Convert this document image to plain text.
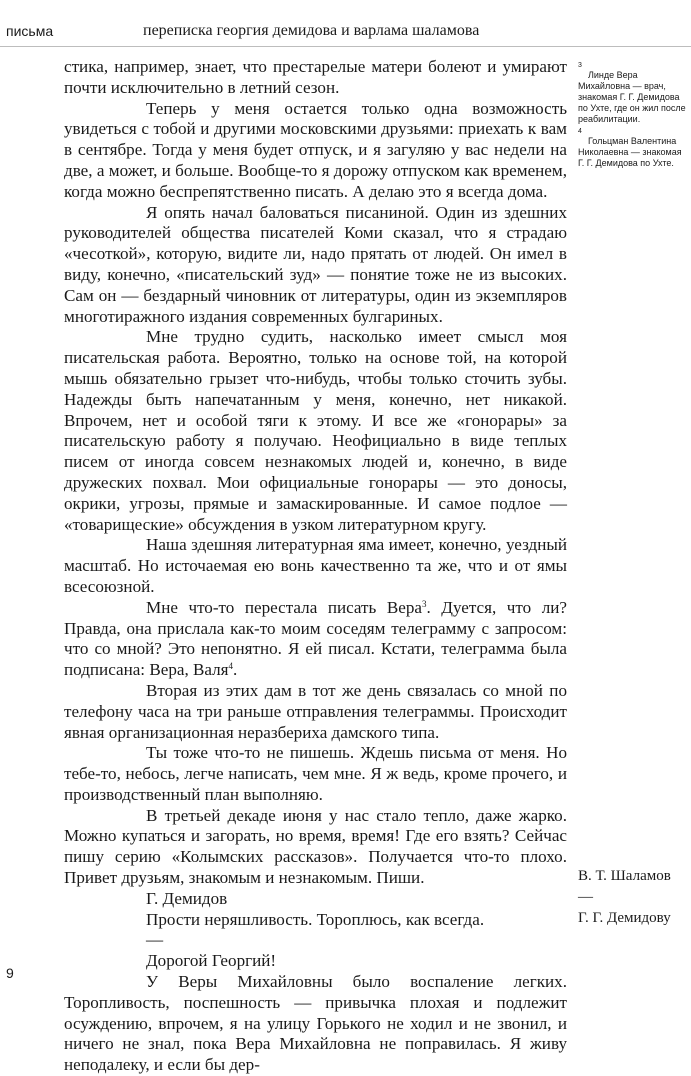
письма	переписка георгия демидова и варлама шаламова

стика, например, знает, что престарелые матери болеют и умирают почти исключительно в летний сезон.

Теперь у меня остается только одна возможность увидеться с тобой и другими московскими друзьями: приехать к вам в сентябре. Тогда у меня будет отпуск, и я загуляю у вас недели на две, а может, и больше. Вообще-то я дорожу отпуском как временем, когда можно беспрепятственно писать. А делаю это я всегда дома.

Я опять начал баловаться писаниной. Один из здешних руководителей общества писателей Коми сказал, что я страдаю «чесоткой», которую, видите ли, надо прятать от людей. Он имел в виду, конечно, «писательский зуд» — понятие тоже не из высоких. Сам он — бездарный чиновник от литературы, один из экземпляров многотиражного издания современных булгариных.

Мне трудно судить, насколько имеет смысл моя писательская работа. Вероятно, только на основе той, на которой мышь обязательно грызет что-нибудь, чтобы только сточить зубы. Надежды быть напечатанным у меня, конечно, нет никакой. Впрочем, нет и особой тяги к этому. И все же «гонорары» за писательскую работу я получаю. Неофициально в виде теплых писем от иногда совсем незнакомых людей и, конечно, в виде дружеских похвал. Мои официальные гонорары — это доносы, окрики, угрозы, прямые и замаскированные. И самое подлое — «товарищеские» обсуждения в узком литературном кругу.

Наша здешняя литературная яма имеет, конечно, уездный масштаб. Но источаемая ею вонь качественно та же, что и от ямы всесоюзной.

Мне что-то перестала писать Вера$^3$. Дуется, что ли? Правда, она прислала как-то моим соседям телеграмму с запросом: что со мной? Это непонятно. Я ей писал. Кстати, телеграмма была подписана: Вера, Валя$^4$.

Вторая из этих дам в тот же день связалась со мной по телефону часа на три раньше отправления телеграммы. Происходит явная организационная неразбериха дамского типа.

Ты тоже что-то не пишешь. Ждешь письма от меня. Но тебе-то, небось, легче написать, чем мне. Я ж ведь, кроме прочего, и производственный план выполняю.

В третьей декаде июня у нас стало тепло, даже жарко. Можно купаться и загорать, но время, время! Где его взять? Сейчас пишу серию «Колымских рассказов». Получается что-то плохо. Привет друзьям, знакомым и незнакомым. Пиши.

Г. Демидов

Прости неряшливость. Тороплюсь, как всегда.

—

Дорогой Георгий!

У Веры Михайловны было воспаление легких. Торопливость, поспешность — привычка плохая и подлежит осуждению, впрочем, я на улицу Горького не ходил и не звонил, и ничего не знал, пока Вера Михайловна не поправилась. Я живу неподалеку, и если бы дер-

3
Линде Вера Михайловна — врач, знакомая Г. Г. Демидова по Ухте, где он жил после реабилитации.
4
Гольцман Валентина Николаевна — знакомая Г. Г. Демидова по Ухте.
В. Т. Шаламов
—
Г. Г. Демидову
9
